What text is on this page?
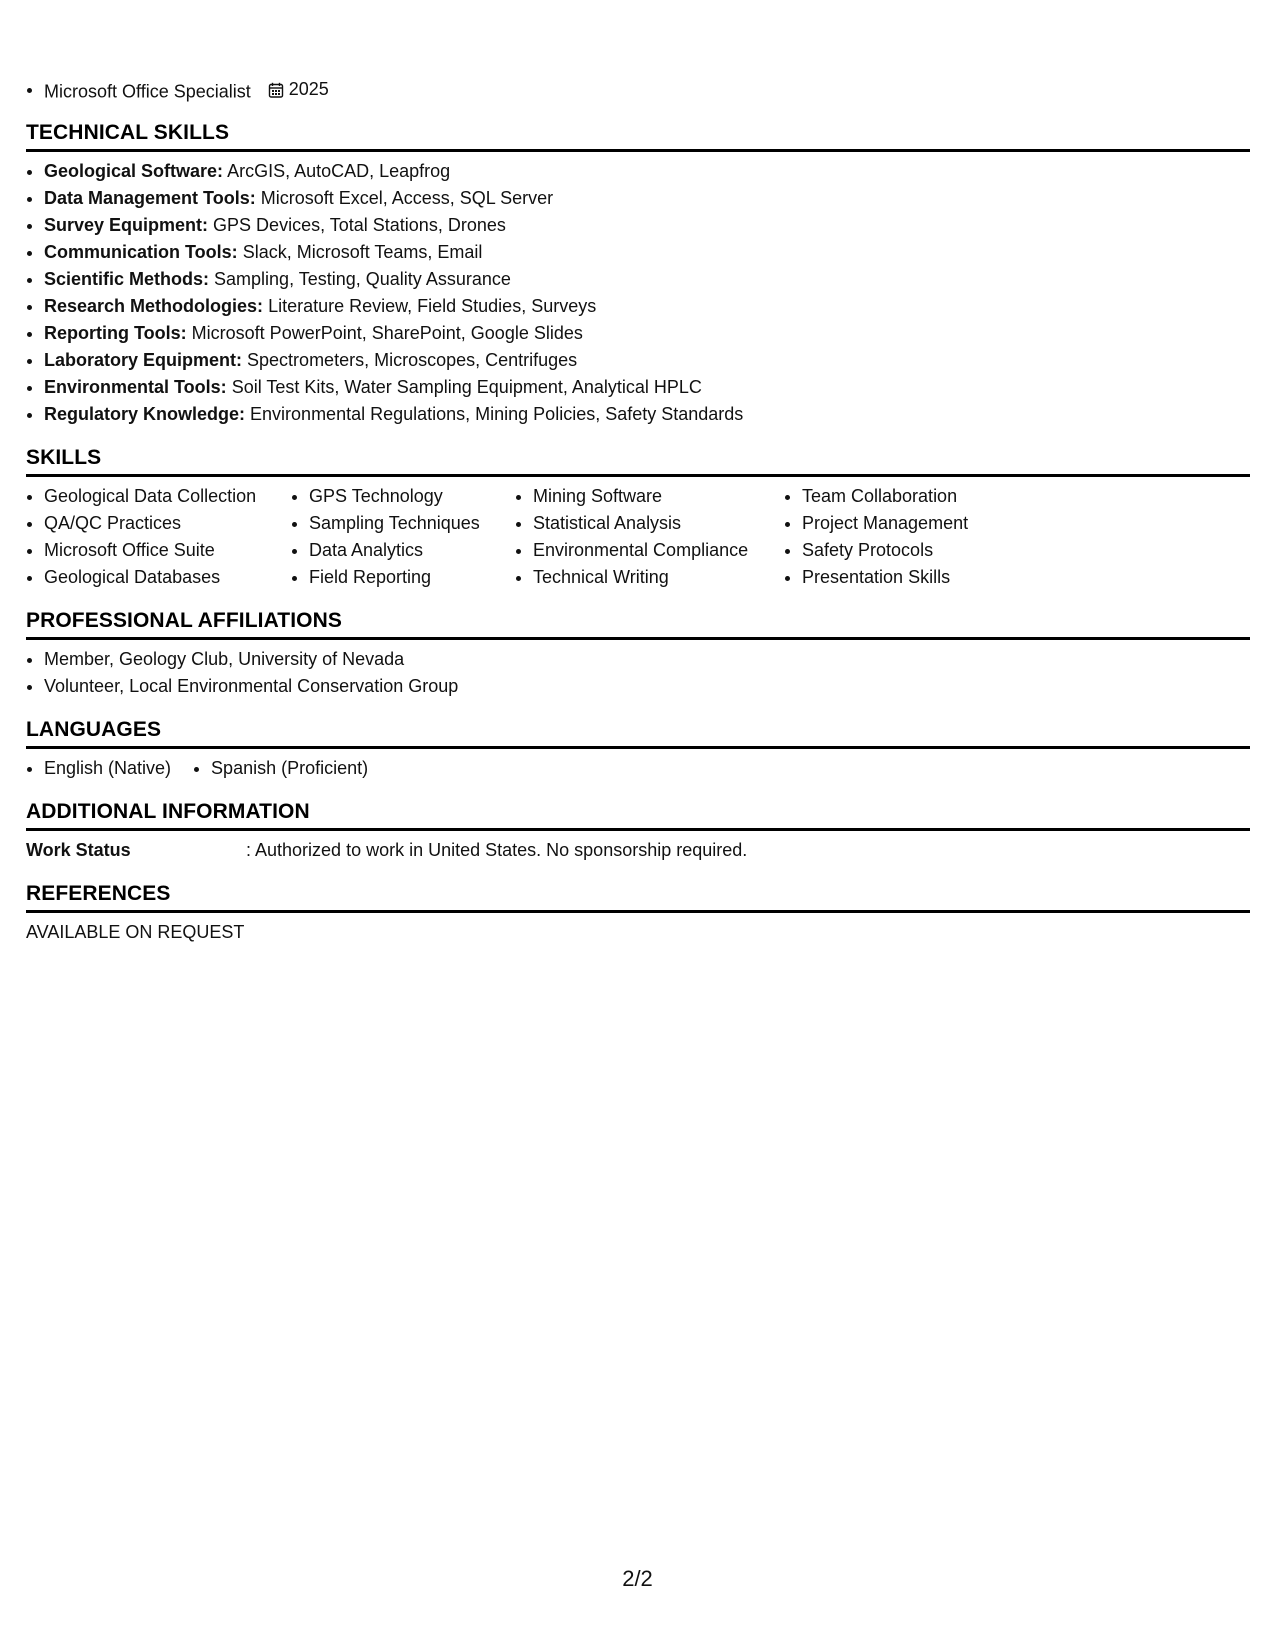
Microsoft Office Specialist 2025
TECHNICAL SKILLS
Geological Software: ArcGIS, AutoCAD, Leapfrog
Data Management Tools: Microsoft Excel, Access, SQL Server
Survey Equipment: GPS Devices, Total Stations, Drones
Communication Tools: Slack, Microsoft Teams, Email
Scientific Methods: Sampling, Testing, Quality Assurance
Research Methodologies: Literature Review, Field Studies, Surveys
Reporting Tools: Microsoft PowerPoint, SharePoint, Google Slides
Laboratory Equipment: Spectrometers, Microscopes, Centrifuges
Environmental Tools: Soil Test Kits, Water Sampling Equipment, Analytical HPLC
Regulatory Knowledge: Environmental Regulations, Mining Policies, Safety Standards
SKILLS
Geological Data Collection
QA/QC Practices
Microsoft Office Suite
Geological Databases
GPS Technology
Sampling Techniques
Data Analytics
Field Reporting
Mining Software
Statistical Analysis
Environmental Compliance
Technical Writing
Team Collaboration
Project Management
Safety Protocols
Presentation Skills
PROFESSIONAL AFFILIATIONS
Member, Geology Club, University of Nevada
Volunteer, Local Environmental Conservation Group
LANGUAGES
English (Native)	Spanish (Proficient)
ADDITIONAL INFORMATION
Work Status	: Authorized to work in United States. No sponsorship required.
REFERENCES
AVAILABLE ON REQUEST
2/2
